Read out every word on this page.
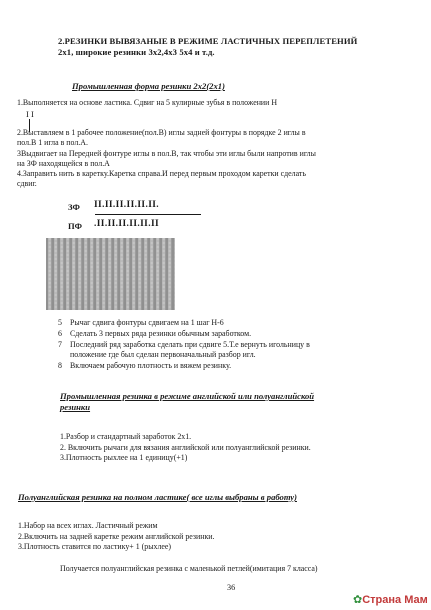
2.РЕЗИНКИ ВЫВЯЗАНЫЕ В РЕЖИМЕ ЛАСТИЧНЫХ ПЕРЕПЛЕТЕНИЙ
2х1, широкие резинки 3х2,4х3 5х4 и т.д.
Промышленная форма резинки 2х2(2х1)
1.Выполняется на основе ластика. Сдвиг на 5 кулирные зубья в положении Н
I I
2.Выставляем в 1 рабочее положение(пол.В) иглы задней фонтуры в порядке 2 иглы в
пол.В 1 игла в пол.А.
3Выдвигает на Передней фонтуре иглы в пол.В, так чтобы эти иглы были напротив иглы
на ЗФ находящейся в пол.А
4.Заправить нить в каретку.Каретка справа.И перед первым проходом каретки сделать
сдвиг.
ЗФ II.II.II.II.II.II.
ПФ .II.II.II.II.II.II
5 Рычаг сдвига фонтуры сдвигаем на 1 шаг Н-6
6 Сделать 3 первых ряда резинки обычным заработком.
7 Последний ряд заработка сделать при сдвиге 5.Т.е вернуть игольницу в
положение где был сделан первоначальный разбор игл.
8 Включаем рабочую плотность и вяжем резинку.
Промышленная резинка в режиме английской или полуанглийской
резинки
1.Разбор и стандартный заработок 2х1.
2. Включить рычаги для вязания английской или полуанглийской резинки.
3.Плотность рыхлее на 1 единицу(+1)
Полуанглийская резинка на полном ластике( все иглы выбраны в работу)
1.Набор на всех иглах. Ластичный режим
2.Включить на задней каретке режим английской резинки.
3.Плотность ставится по ластику+ 1 (рыхлее)
Получается полуанглийская резинка с маленькой петлей(имитация 7 класса)
36
✿Страна Мам
